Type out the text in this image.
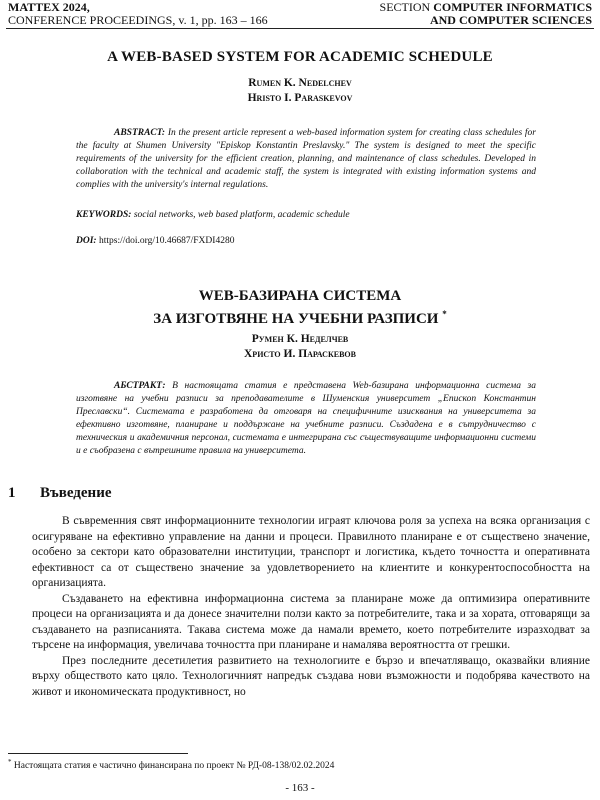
MATTEX 2024,
CONFERENCE PROCEEDINGS, v. 1, pp. 163 – 166
SECTION COMPUTER INFORMATICS
AND COMPUTER SCIENCES
A WEB-BASED SYSTEM FOR ACADEMIC SCHEDULE
Rumen K. Nedelchev
Hristo I. Paraskevov
ABSTRACT: In the present article represent a web-based information system for creating class schedules for the faculty at Shumen University "Episkop Konstantin Preslavsky." The system is designed to meet the specific requirements of the university for the efficient creation, planning, and maintenance of class schedules. Developed in collaboration with the technical and academic staff, the system is integrated with existing information systems and complies with the university's internal regulations.
KEYWORDS: social networks, web based platform, academic schedule
DOI: https://doi.org/10.46687/FXDI4280
WEB-БАЗИРАНА СИСТЕМА
ЗА ИЗГОТВЯНЕ НА УЧЕБНИ РАЗПИСИ *
Румен К. Неделчев
Христо И. Параскевов
АБСТРАКТ: В настоящата статия е представена Web-базирана информационна система за изготвяне на учебни разписи за преподавателите в Шуменския университет „Епископ Константин Преславски“. Системата е разработена да отговаря на специфичните изисквания на университета за ефективно изготвяне, планиране и поддържане на учебните разписи. Създадена е в сътрудничество с техническия и академичния персонал, системата е интегрирана със съществуващите информационни системи и е съобразена с вътрешните правила на университета.
1 Въведение

В съвременния свят информационните технологии играят ключова роля за успеха на всяка организация с осигуряване на ефективно управление на данни и процеси. Правилното планиране е от съществено значение, особено за сектори като образователни институции, транспорт и логистика, където точността и оперативната ефективност са от съществено значение за удовлетворението на клиентите и конкурентоспособността на организацията.

Създаването на ефективна информационна система за планиране може да оптимизира оперативните процеси на организацията и да донесе значителни ползи както за потребителите, така и за хората, отговарящи за създаването на разписанията. Такава система може да намали времето, което потребителите изразходват за търсене на информация, увеличава точността при планиране и намалява вероятността от грешки.

През последните десетилетия развитието на технологиите е бързо и впечатляващо, оказвайки влияние върху обществото като цяло. Технологичният напредък създава нови възможности и подобрява качеството на живот и икономическата продуктивност, но

* Настоящата статия е частично финансирана по проект № РД-08-138/02.02.2024
- 163 -
